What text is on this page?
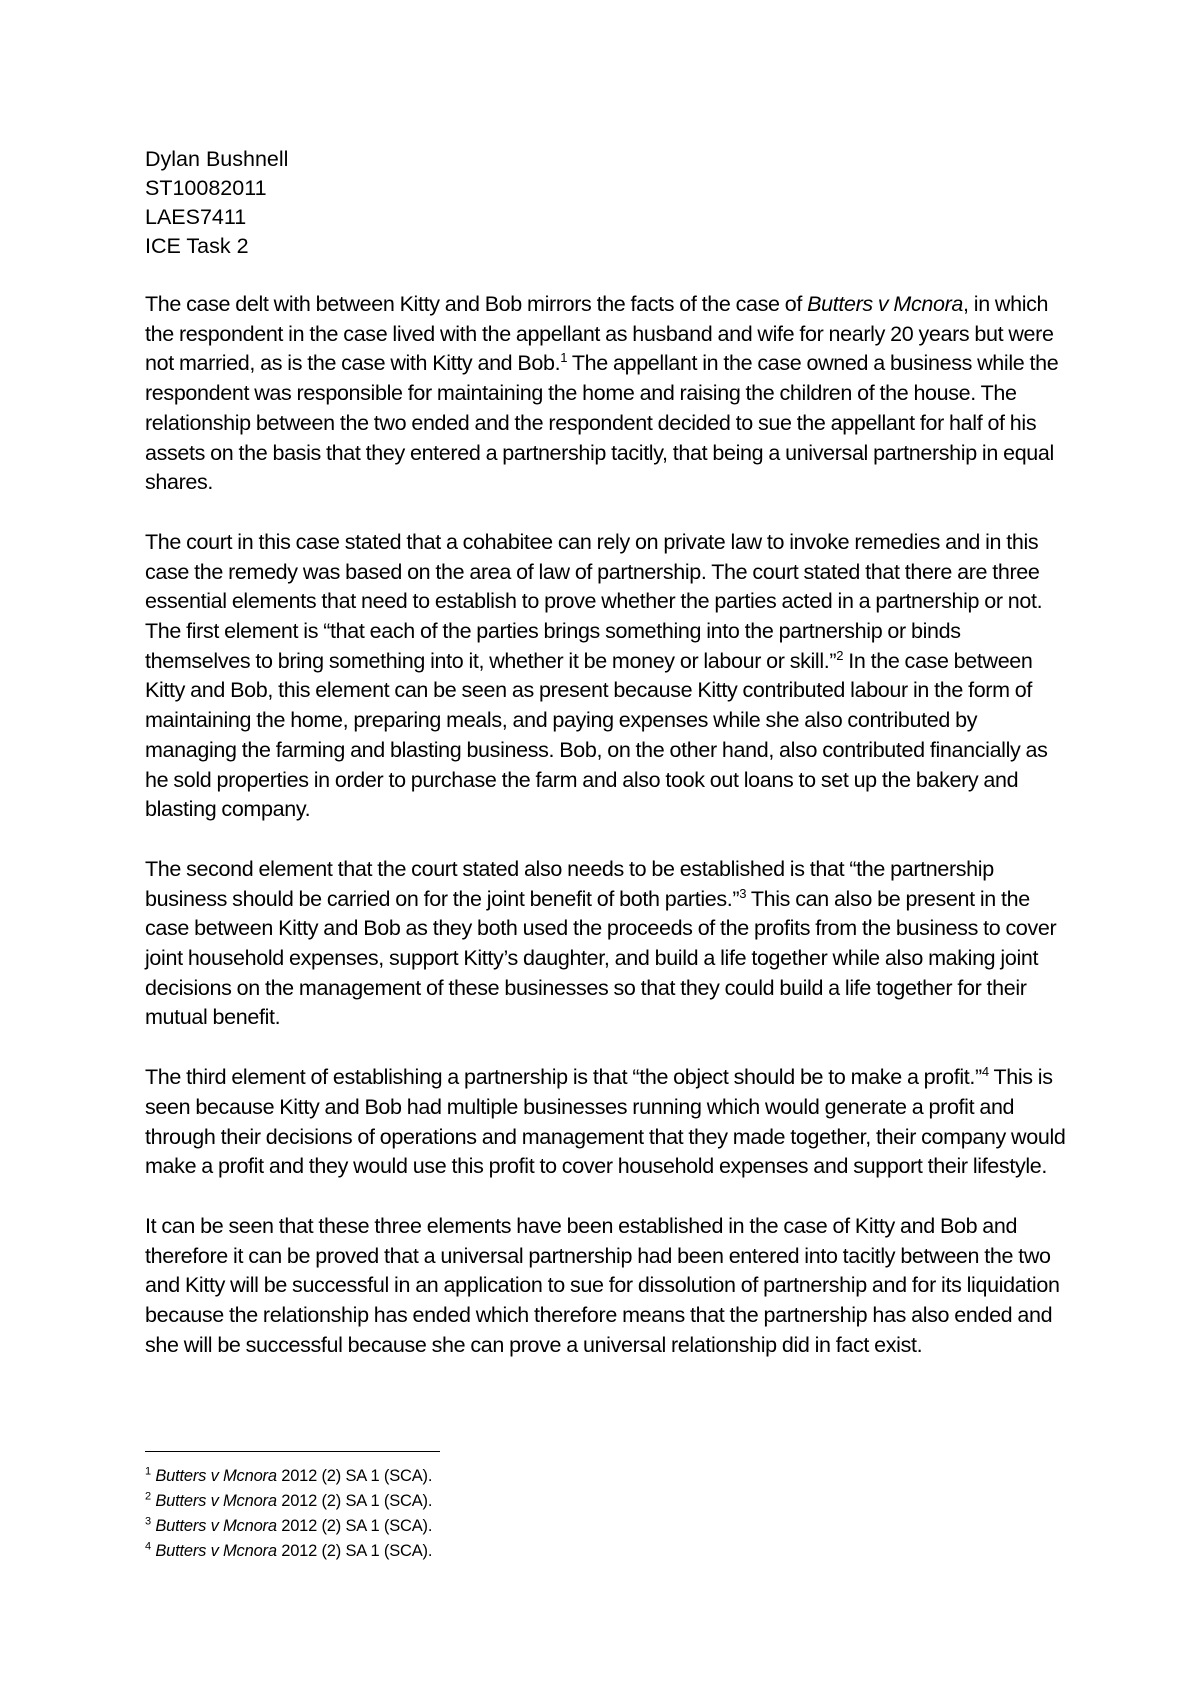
Dylan Bushnell

ST10082011

LAES7411

ICE Task 2

The case delt with between Kitty and Bob mirrors the facts of the case of Butters v Mcnora, in which the respondent in the case lived with the appellant as husband and wife for nearly 20 years but were not married, as is the case with Kitty and Bob.$^1$ The appellant in the case owned a business while the respondent was responsible for maintaining the home and raising the children of the house. The relationship between the two ended and the respondent decided to sue the appellant for half of his assets on the basis that they entered a partnership tacitly, that being a universal partnership in equal shares.

The court in this case stated that a cohabitee can rely on private law to invoke remedies and in this case the remedy was based on the area of law of partnership. The court stated that there are three essential elements that need to establish to prove whether the parties acted in a partnership or not. The first element is “that each of the parties brings something into the partnership or binds themselves to bring something into it, whether it be money or labour or skill.”$^2$ In the case between Kitty and Bob, this element can be seen as present because Kitty contributed labour in the form of maintaining the home, preparing meals, and paying expenses while she also contributed by managing the farming and blasting business. Bob, on the other hand, also contributed financially as he sold properties in order to purchase the farm and also took out loans to set up the bakery and blasting company.

The second element that the court stated also needs to be established is that “the partnership business should be carried on for the joint benefit of both parties.”$^3$ This can also be present in the case between Kitty and Bob as they both used the proceeds of the profits from the business to cover joint household expenses, support Kitty’s daughter, and build a life together while also making joint decisions on the management of these businesses so that they could build a life together for their mutual benefit.

The third element of establishing a partnership is that “the object should be to make a profit.”$^4$ This is seen because Kitty and Bob had multiple businesses running which would generate a profit and through their decisions of operations and management that they made together, their company would make a profit and they would use this profit to cover household expenses and support their lifestyle.

It can be seen that these three elements have been established in the case of Kitty and Bob and therefore it can be proved that a universal partnership had been entered into tacitly between the two and Kitty will be successful in an application to sue for dissolution of partnership and for its liquidation because the relationship has ended which therefore means that the partnership has also ended and she will be successful because she can prove a universal relationship did in fact exist.

$^1$ Butters v Mcnora 2012 (2) SA 1 (SCA).

$^2$ Butters v Mcnora 2012 (2) SA 1 (SCA).

$^3$ Butters v Mcnora 2012 (2) SA 1 (SCA).

$^4$ Butters v Mcnora 2012 (2) SA 1 (SCA).
